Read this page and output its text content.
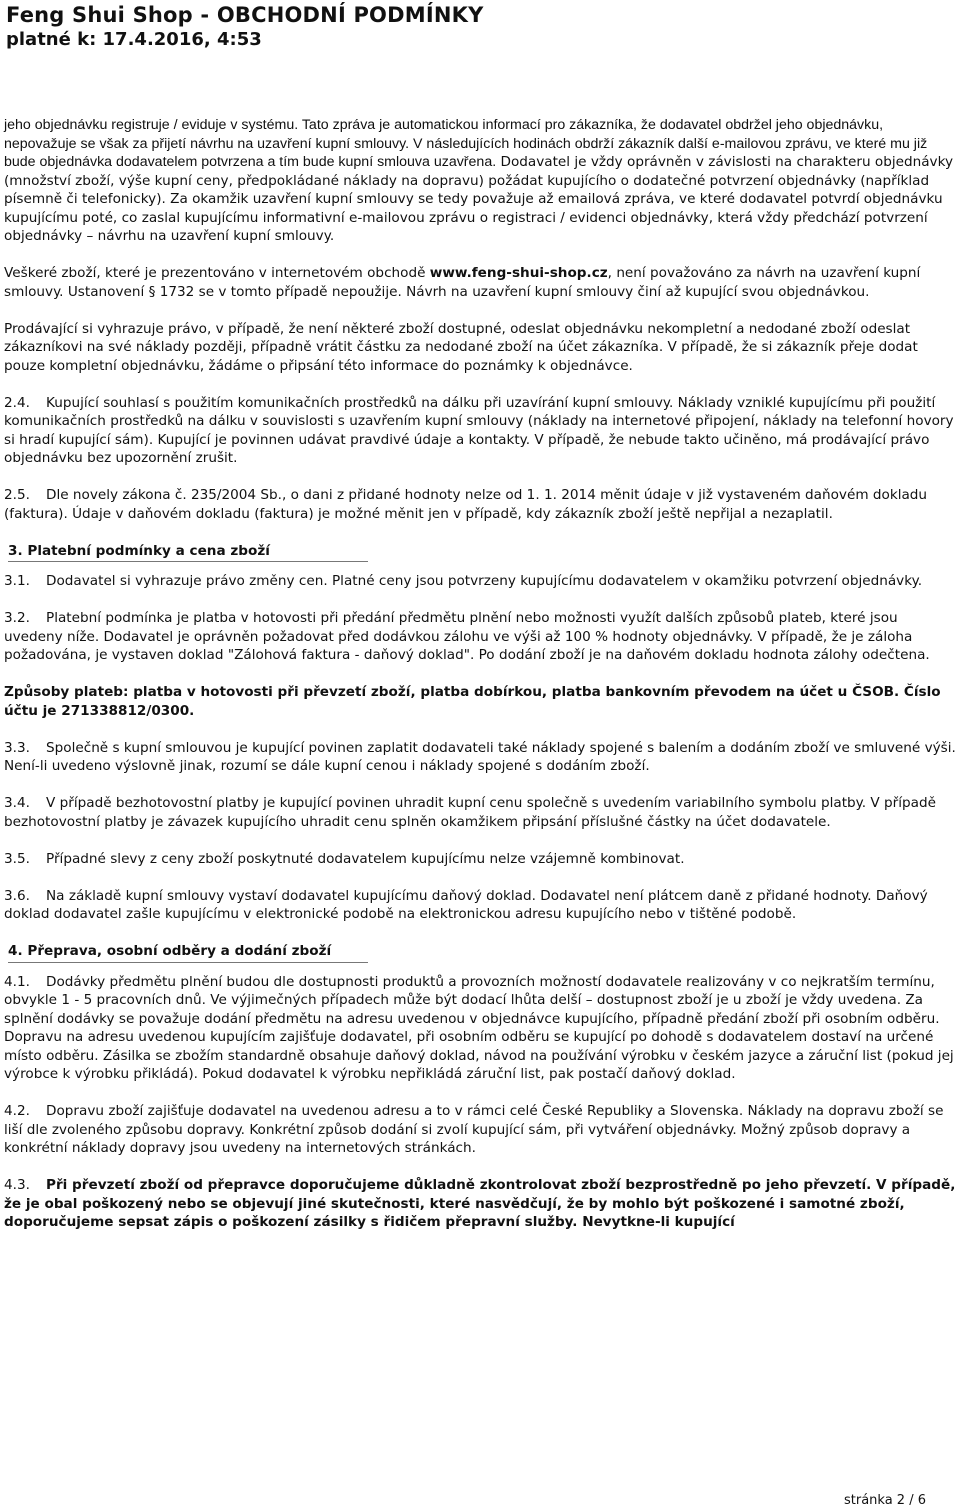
Feng Shui Shop - OBCHODNÍ PODMÍNKY
platné k: 17.4.2016, 4:53

jeho objednávku registruje / eviduje v systému. Tato zpráva je automatickou informací pro zákazníka, že dodavatel obdržel jeho objednávku, nepovažuje se však za přijetí návrhu na uzavření kupní smlouvy. V následujících hodinách obdrží zákazník další e-mailovou zprávu, ve které mu již bude objednávka dodavatelem potvrzena a tím bude kupní smlouva uzavřena. Dodavatel je vždy oprávněn v závislosti na charakteru objednávky (množství zboží, výše kupní ceny, předpokládané náklady na dopravu) požádat kupujícího o dodatečné potvrzení objednávky (například písemně či telefonicky). Za okamžik uzavření kupní smlouvy se tedy považuje až emailová zpráva, ve které dodavatel potvrdí objednávku kupujícímu poté, co zaslal kupujícímu informativní e-mailovou zprávu o registraci / evidenci objednávky, která vždy předchází potvrzení objednávky – návrhu na uzavření kupní smlouvy.

Veškeré zboží, které je prezentováno v internetovém obchodě www.feng-shui-shop.cz, není považováno za návrh na uzavření kupní smlouvy. Ustanovení § 1732 se v tomto případě nepoužije. Návrh na uzavření kupní smlouvy činí až kupující svou objednávkou.

Prodávající si vyhrazuje právo, v případě, že není některé zboží dostupné, odeslat objednávku nekompletní a nedodané zboží odeslat zákazníkovi na své náklady později, případně vrátit částku za nedodané zboží na účet zákazníka. V případě, že si zákazník přeje dodat pouze kompletní objednávku, žádáme o připsání této informace do poznámky k objednávce.

2.4. Kupující souhlasí s použitím komunikačních prostředků na dálku při uzavírání kupní smlouvy. Náklady vzniklé kupujícímu při použití komunikačních prostředků na dálku v souvislosti s uzavřením kupní smlouvy (náklady na internetové připojení, náklady na telefonní hovory si hradí kupující sám). Kupující je povinnen udávat pravdivé údaje a kontakty. V případě, že nebude takto učiněno, má prodávající právo objednávku bez upozornění zrušit.

2.5. Dle novely zákona č. 235/2004 Sb., o dani z přidané hodnoty nelze od 1. 1. 2014 měnit údaje v již vystaveném daňovém dokladu (faktura). Údaje v daňovém dokladu (faktura) je možné měnit jen v případě, kdy zákazník zboží ještě nepřijal a nezaplatil.

3. Platební podmínky a cena zboží

3.1. Dodavatel si vyhrazuje právo změny cen. Platné ceny jsou potvrzeny kupujícímu dodavatelem v okamžiku potvrzení objednávky.

3.2. Platební podmínka je platba v hotovosti při předání předmětu plnění nebo možnosti využít dalších způsobů plateb, které jsou uvedeny níže. Dodavatel je oprávněn požadovat před dodávkou zálohu ve výši až 100 % hodnoty objednávky. V případě, že je záloha požadována, je vystaven doklad "Zálohová faktura - daňový doklad". Po dodání zboží je na daňovém dokladu hodnota zálohy odečtena.

Způsoby plateb: platba v hotovosti při převzetí zboží, platba dobírkou, platba bankovním převodem na účet u ČSOB. Číslo účtu je 271338812/0300.

3.3. Společně s kupní smlouvou je kupující povinen zaplatit dodavateli také náklady spojené s balením a dodáním zboží ve smluvené výši. Není-li uvedeno výslovně jinak, rozumí se dále kupní cenou i náklady spojené s dodáním zboží.

3.4. V případě bezhotovostní platby je kupující povinen uhradit kupní cenu společně s uvedením variabilního symbolu platby. V případě bezhotovostní platby je závazek kupujícího uhradit cenu splněn okamžikem připsání příslušné částky na účet dodavatele.

3.5. Případné slevy z ceny zboží poskytnuté dodavatelem kupujícímu nelze vzájemně kombinovat.

3.6. Na základě kupní smlouvy vystaví dodavatel kupujícímu daňový doklad. Dodavatel není plátcem daně z přidané hodnoty. Daňový doklad dodavatel zašle kupujícímu v elektronické podobě na elektronickou adresu kupujícího nebo v tištěné podobě.

4. Přeprava, osobní odběry a dodání zboží

4.1. Dodávky předmětu plnění budou dle dostupnosti produktů a provozních možností dodavatele realizovány v co nejkratším termínu, obvykle 1 - 5 pracovních dnů. Ve výjimečných případech může být dodací lhůta delší – dostupnost zboží je u zboží je vždy uvedena. Za splnění dodávky se považuje dodání předmětu na adresu uvedenou v objednávce kupujícího, případně předání zboží při osobním odběru. Dopravu na adresu uvedenou kupujícím zajišťuje dodavatel, při osobním odběru se kupující po dohodě s dodavatelem dostaví na určené místo odběru. Zásilka se zbožím standardně obsahuje daňový doklad, návod na používání výrobku v českém jazyce a záruční list (pokud jej výrobce k výrobku přikládá). Pokud dodavatel k výrobku nepřikládá záruční list, pak postačí daňový doklad.

4.2. Dopravu zboží zajišťuje dodavatel na uvedenou adresu a to v rámci celé České Republiky a Slovenska. Náklady na dopravu zboží se liší dle zvoleného způsobu dopravy. Konkrétní způsob dodání si zvolí kupující sám, při vytváření objednávky. Možný způsob dopravy a konkrétní náklady dopravy jsou uvedeny na internetových stránkách.

4.3. Při převzetí zboží od přepravce doporučujeme důkladně zkontrolovat zboží bezprostředně po jeho převzetí. V případě, že je obal poškozený nebo se objevují jiné skutečnosti, které nasvědčují, že by mohlo být poškozené i samotné zboží, doporučujeme sepsat zápis o poškození zásilky s řidičem přepravní služby. Nevytkne-li kupující

stránka 2 / 6
